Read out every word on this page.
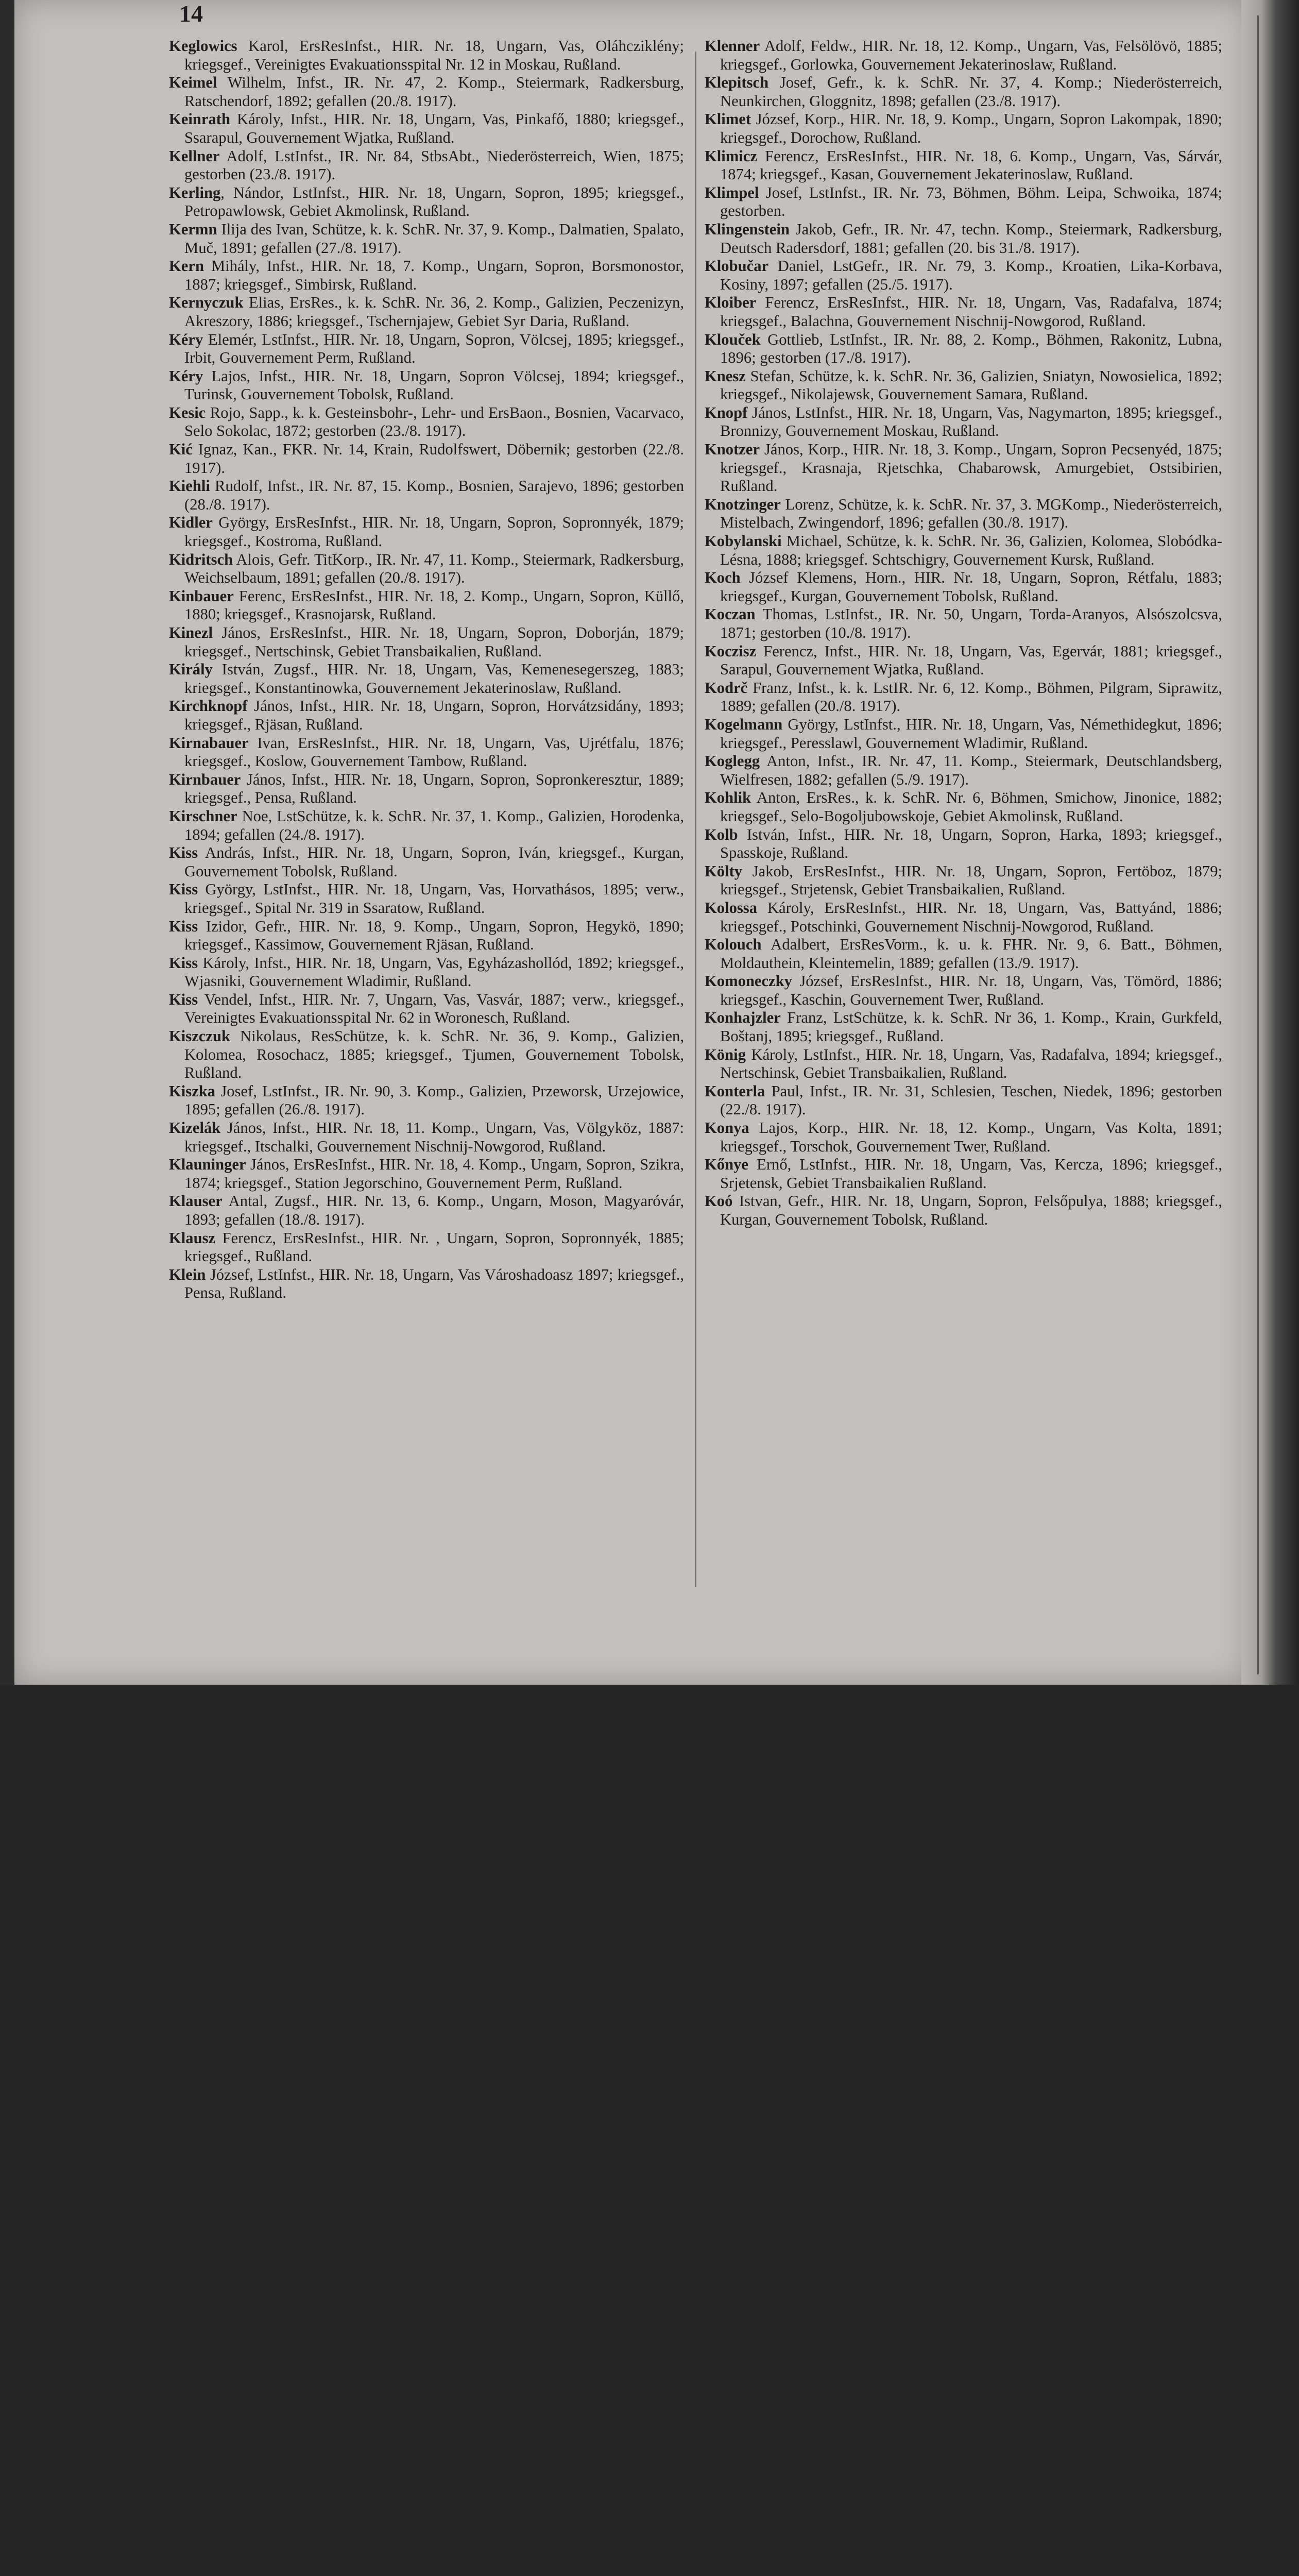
14

Keglowics Karol, ErsResInfst., HIR. Nr. 18, Ungarn, Vas, Oláhcziklény; kriegsgef., Vereinigtes Evakuationsspital Nr. 12 in Moskau, Rußland.

Keimel Wilhelm, Infst., IR. Nr. 47, 2. Komp., Steiermark, Radkersburg, Ratschendorf, 1892; gefallen (20./8. 1917).

Keinrath Károly, Infst., HIR. Nr. 18, Ungarn, Vas, Pinkafő, 1880; kriegsgef., Ssarapul, Gouvernement Wjatka, Rußland.

Kellner Adolf, LstInfst., IR. Nr. 84, StbsAbt., Niederösterreich, Wien, 1875; gestorben (23./8. 1917).

Kerling, Nándor, LstInfst., HIR. Nr. 18, Ungarn, Sopron, 1895; kriegsgef., Petropawlowsk, Gebiet Akmolinsk, Rußland.

Kermn Ilija des Ivan, Schütze, k. k. SchR. Nr. 37, 9. Komp., Dalmatien, Spalato, Muč, 1891; gefallen (27./8. 1917).

Kern Mihály, Infst., HIR. Nr. 18, 7. Komp., Ungarn, Sopron, Borsmonostor, 1887; kriegsgef., Simbirsk, Rußland.

Kernyczuk Elias, ErsRes., k. k. SchR. Nr. 36, 2. Komp., Galizien, Peczenizyn, Akreszory, 1886; kriegsgef., Tschernjajew, Gebiet Syr Daria, Rußland.

Kéry Elemér, LstInfst., HIR. Nr. 18, Ungarn, Sopron, Völcsej, 1895; kriegsgef., Irbit, Gouvernement Perm, Rußland.

Kéry Lajos, Infst., HIR. Nr. 18, Ungarn, Sopron Völcsej, 1894; kriegsgef., Turinsk, Gouvernement Tobolsk, Rußland.

Kesic Rojo, Sapp., k. k. Gesteinsbohr-, Lehr- und ErsBaon., Bosnien, Vacarvaco, Selo Sokolac, 1872; gestorben (23./8. 1917).

Kić Ignaz, Kan., FKR. Nr. 14, Krain, Rudolfswert, Döbernik; gestorben (22./8. 1917).

Kiehli Rudolf, Infst., IR. Nr. 87, 15. Komp., Bosnien, Sarajevo, 1896; gestorben (28./8. 1917).

Kidler György, ErsResInfst., HIR. Nr. 18, Ungarn, Sopron, Sopronnyék, 1879; kriegsgef., Kostroma, Rußland.

Kidritsch Alois, Gefr. TitKorp., IR. Nr. 47, 11. Komp., Steiermark, Radkersburg, Weichselbaum, 1891; gefallen (20./8. 1917).

Kinbauer Ferenc, ErsResInfst., HIR. Nr. 18, 2. Komp., Ungarn, Sopron, Küllő, 1880; kriegsgef., Krasnojarsk, Rußland.

Kinezl János, ErsResInfst., HIR. Nr. 18, Ungarn, Sopron, Doborján, 1879; kriegsgef., Nertschinsk, Gebiet Transbaikalien, Rußland.

Király István, Zugsf., HIR. Nr. 18, Ungarn, Vas, Kemenesegerszeg, 1883; kriegsgef., Konstantinowka, Gouvernement Jekaterinoslaw, Rußland.

Kirchknopf János, Infst., HIR. Nr. 18, Ungarn, Sopron, Horvátzsidány, 1893; kriegsgef., Rjäsan, Rußland.

Kirnabauer Ivan, ErsResInfst., HIR. Nr. 18, Ungarn, Vas, Ujrétfalu, 1876; kriegsgef., Koslow, Gouvernement Tambow, Rußland.

Kirnbauer János, Infst., HIR. Nr. 18, Ungarn, Sopron, Sopronkeresztur, 1889; kriegsgef., Pensa, Rußland.

Kirschner Noe, LstSchütze, k. k. SchR. Nr. 37, 1. Komp., Galizien, Horodenka, 1894; gefallen (24./8. 1917).

Kiss András, Infst., HIR. Nr. 18, Ungarn, Sopron, Iván, kriegsgef., Kurgan, Gouvernement Tobolsk, Rußland.

Kiss György, LstInfst., HIR. Nr. 18, Ungarn, Vas, Horvathásos, 1895; verw., kriegsgef., Spital Nr. 319 in Ssaratow, Rußland.

Kiss Izidor, Gefr., HIR. Nr. 18, 9. Komp., Ungarn, Sopron, Hegykö, 1890; kriegsgef., Kassimow, Gouvernement Rjäsan, Rußland.

Kiss Károly, Infst., HIR. Nr. 18, Ungarn, Vas, Egyházashollód, 1892; kriegsgef., Wjasniki, Gouvernement Wladimir, Rußland.

Kiss Vendel, Infst., HIR. Nr. 7, Ungarn, Vas, Vasvár, 1887; verw., kriegsgef., Vereinigtes Evakuationsspital Nr. 62 in Woronesch, Rußland.

Kiszczuk Nikolaus, ResSchütze, k. k. SchR. Nr. 36, 9. Komp., Galizien, Kolomea, Rosochacz, 1885; kriegsgef., Tjumen, Gouvernement Tobolsk, Rußland.

Kiszka Josef, LstInfst., IR. Nr. 90, 3. Komp., Galizien, Przeworsk, Urzejowice, 1895; gefallen (26./8. 1917).

Kizelák János, Infst., HIR. Nr. 18, 11. Komp., Ungarn, Vas, Völgyköz, 1887: kriegsgef., Itschalki, Gouvernement Nischnij-Nowgorod, Rußland.

Klauninger János, ErsResInfst., HIR. Nr. 18, 4. Komp., Ungarn, Sopron, Szikra, 1874; kriegsgef., Station Jegorschino, Gouvernement Perm, Rußland.

Klauser Antal, Zugsf., HIR. Nr. 13, 6. Komp., Ungarn, Moson, Magyaróvár, 1893; gefallen (18./8. 1917).

Klausz Ferencz, ErsResInfst., HIR. Nr. , Ungarn, Sopron, Sopronnyék, 1885; kriegsgef., Rußland.

Klein József, LstInfst., HIR. Nr. 18, Ungarn, Vas Városhadoasz 1897; kriegsgef., Pensa, Rußland.

Klenner Adolf, Feldw., HIR. Nr. 18, 12. Komp., Ungarn, Vas, Felsölövö, 1885; kriegsgef., Gorlowka, Gouvernement Jekaterinoslaw, Rußland.

Klepitsch Josef, Gefr., k. k. SchR. Nr. 37, 4. Komp.; Niederösterreich, Neunkirchen, Gloggnitz, 1898; gefallen (23./8. 1917).

Klimet József, Korp., HIR. Nr. 18, 9. Komp., Ungarn, Sopron Lakompak, 1890; kriegsgef., Dorochow, Rußland.

Klimicz Ferencz, ErsResInfst., HIR. Nr. 18, 6. Komp., Ungarn, Vas, Sárvár, 1874; kriegsgef., Kasan, Gouvernement Jekaterinoslaw, Rußland.

Klimpel Josef, LstInfst., IR. Nr. 73, Böhmen, Böhm. Leipa, Schwoika, 1874; gestorben.

Klingenstein Jakob, Gefr., IR. Nr. 47, techn. Komp., Steiermark, Radkersburg, Deutsch Radersdorf, 1881; gefallen (20. bis 31./8. 1917).

Klobučar Daniel, LstGefr., IR. Nr. 79, 3. Komp., Kroatien, Lika-Korbava, Kosiny, 1897; gefallen (25./5. 1917).

Kloiber Ferencz, ErsResInfst., HIR. Nr. 18, Ungarn, Vas, Radafalva, 1874; kriegsgef., Balachna, Gouvernement Nischnij-Nowgorod, Rußland.

Klouček Gottlieb, LstInfst., IR. Nr. 88, 2. Komp., Böhmen, Rakonitz, Lubna, 1896; gestorben (17./8. 1917).

Knesz Stefan, Schütze, k. k. SchR. Nr. 36, Galizien, Sniatyn, Nowosielica, 1892; kriegsgef., Nikolajewsk, Gouvernement Samara, Rußland.

Knopf János, LstInfst., HIR. Nr. 18, Ungarn, Vas, Nagymarton, 1895; kriegsgef., Bronnizy, Gouvernement Moskau, Rußland.

Knotzer János, Korp., HIR. Nr. 18, 3. Komp., Ungarn, Sopron Pecsenyéd, 1875; kriegsgef., Krasnaja, Rjetschka, Chabarowsk, Amurgebiet, Ostsibirien, Rußland.

Knotzinger Lorenz, Schütze, k. k. SchR. Nr. 37, 3. MGKomp., Niederösterreich, Mistelbach, Zwingendorf, 1896; gefallen (30./8. 1917).

Kobylanski Michael, Schütze, k. k. SchR. Nr. 36, Galizien, Kolomea, Slobódka-Lésna, 1888; kriegsgef. Schtschigry, Gouvernement Kursk, Rußland.

Koch József Klemens, Horn., HIR. Nr. 18, Ungarn, Sopron, Rétfalu, 1883; kriegsgef., Kurgan, Gouvernement Tobolsk, Rußland.

Koczan Thomas, LstInfst., IR. Nr. 50, Ungarn, Torda-Aranyos, Alsószolcsva, 1871; gestorben (10./8. 1917).

Koczisz Ferencz, Infst., HIR. Nr. 18, Ungarn, Vas, Egervár, 1881; kriegsgef., Sarapul, Gouvernement Wjatka, Rußland.

Kodrč Franz, Infst., k. k. LstIR. Nr. 6, 12. Komp., Böhmen, Pilgram, Siprawitz, 1889; gefallen (20./8. 1917).

Kogelmann György, LstInfst., HIR. Nr. 18, Ungarn, Vas, Némethidegkut, 1896; kriegsgef., Peresslawl, Gouvernement Wladimir, Rußland.

Koglegg Anton, Infst., IR. Nr. 47, 11. Komp., Steiermark, Deutschlandsberg, Wielfresen, 1882; gefallen (5./9. 1917).

Kohlik Anton, ErsRes., k. k. SchR. Nr. 6, Böhmen, Smichow, Jinonice, 1882; kriegsgef., Selo-Bogoljubowskoje, Gebiet Akmolinsk, Rußland.

Kolb István, Infst., HIR. Nr. 18, Ungarn, Sopron, Harka, 1893; kriegsgef., Spasskoje, Rußland.

Költy Jakob, ErsResInfst., HIR. Nr. 18, Ungarn, Sopron, Fertöboz, 1879; kriegsgef., Strjetensk, Gebiet Transbaikalien, Rußland.

Kolossa Károly, ErsResInfst., HIR. Nr. 18, Ungarn, Vas, Battyánd, 1886; kriegsgef., Potschinki, Gouvernement Nischnij-Nowgorod, Rußland.

Kolouch Adalbert, ErsResVorm., k. u. k. FHR. Nr. 9, 6. Batt., Böhmen, Moldauthein, Kleintemelin, 1889; gefallen (13./9. 1917).

Komoneczky József, ErsResInfst., HIR. Nr. 18, Ungarn, Vas, Tömörd, 1886; kriegsgef., Kaschin, Gouvernement Twer, Rußland.

Konhajzler Franz, LstSchütze, k. k. SchR. Nr 36, 1. Komp., Krain, Gurkfeld, Boštanj, 1895; kriegsgef., Rußland.

König Károly, LstInfst., HIR. Nr. 18, Ungarn, Vas, Radafalva, 1894; kriegsgef., Nertschinsk, Gebiet Transbaikalien, Rußland.

Konterla Paul, Infst., IR. Nr. 31, Schlesien, Teschen, Niedek, 1896; gestorben (22./8. 1917).

Konya Lajos, Korp., HIR. Nr. 18, 12. Komp., Ungarn, Vas Kolta, 1891; kriegsgef., Torschok, Gouvernement Twer, Rußland.

Kőnye Ernő, LstInfst., HIR. Nr. 18, Ungarn, Vas, Kercza, 1896; kriegsgef., Srjetensk, Gebiet Transbaikalien Rußland.

Koó Istvan, Gefr., HIR. Nr. 18, Ungarn, Sopron, Felsőpulya, 1888; kriegsgef., Kurgan, Gouvernement Tobolsk, Rußland.
